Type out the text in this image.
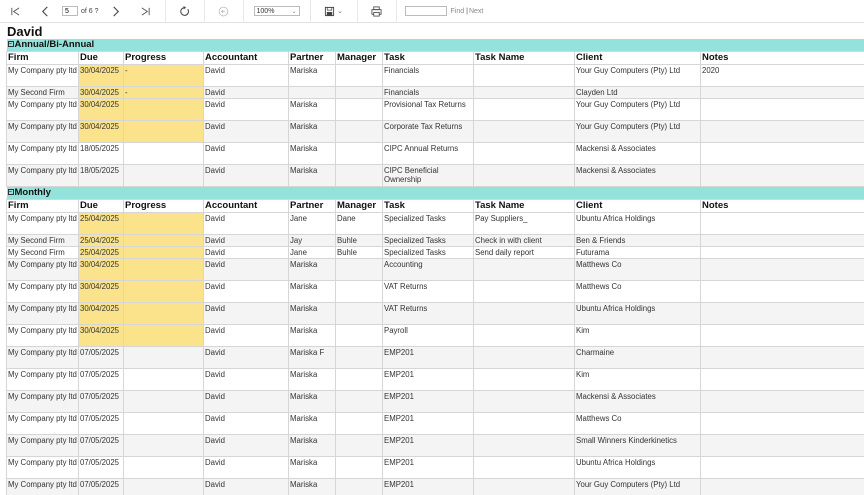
5
of 6 ?	100%	⌄	⌄	Find | Next
David
− Annual/Bi-Annual									
Firm	Due	Progress	Accountant	Partner	Manager	Task	Task Name	Client	Notes
My Company pty ltd	30/04/2025	-	David	Mariska		Financials		Your Guy Computers (Pty) Ltd	2020
My Second Firm	30/04/2025	-	David			Financials		Clayden Ltd	
My Company pty ltd	30/04/2025		David	Mariska		Provisional Tax Returns		Your Guy Computers (Pty) Ltd	
My Company pty ltd	30/04/2025		David	Mariska		Corporate Tax Returns		Your Guy Computers (Pty) Ltd	
My Company pty ltd	18/05/2025		David	Mariska		CIPC Annual Returns		Mackensi & Associates	
My Company pty ltd	18/05/2025		David	Mariska		CIPC Beneficial Ownership		Mackensi & Associates	
− Monthly									
Firm	Due	Progress	Accountant	Partner	Manager	Task	Task Name	Client	Notes
My Company pty ltd	25/04/2025		David	Jane	Dane	Specialized Tasks	Pay Suppliers_	Ubuntu Africa Holdings	
My Second Firm	25/04/2025		David	Jay	Buhle	Specialized Tasks	Check in with client	Ben & Friends	
My Second Firm	25/04/2025		David	Jane	Buhle	Specialized Tasks	Send daily report	Futurama	
My Company pty ltd	30/04/2025		David	Mariska		Accounting		Matthews Co	
My Company pty ltd	30/04/2025		David	Mariska		VAT Returns		Matthews Co	
My Company pty ltd	30/04/2025		David	Mariska		VAT Returns		Ubuntu Africa Holdings	
My Company pty ltd	30/04/2025		David	Mariska		Payroll		Kim	
My Company pty ltd	07/05/2025		David	Mariska F		EMP201		Charmaine	
My Company pty ltd	07/05/2025		David	Mariska		EMP201		Kim	
My Company pty ltd	07/05/2025		David	Mariska		EMP201		Mackensi & Associates	
My Company pty ltd	07/05/2025		David	Mariska		EMP201		Matthews Co	
My Company pty ltd	07/05/2025		David	Mariska		EMP201		Small Winners Kinderkinetics	
My Company pty ltd	07/05/2025		David	Mariska		EMP201		Ubuntu Africa Holdings	
My Company pty ltd	07/05/2025		David	Mariska		EMP201		Your Guy Computers (Pty) Ltd	
